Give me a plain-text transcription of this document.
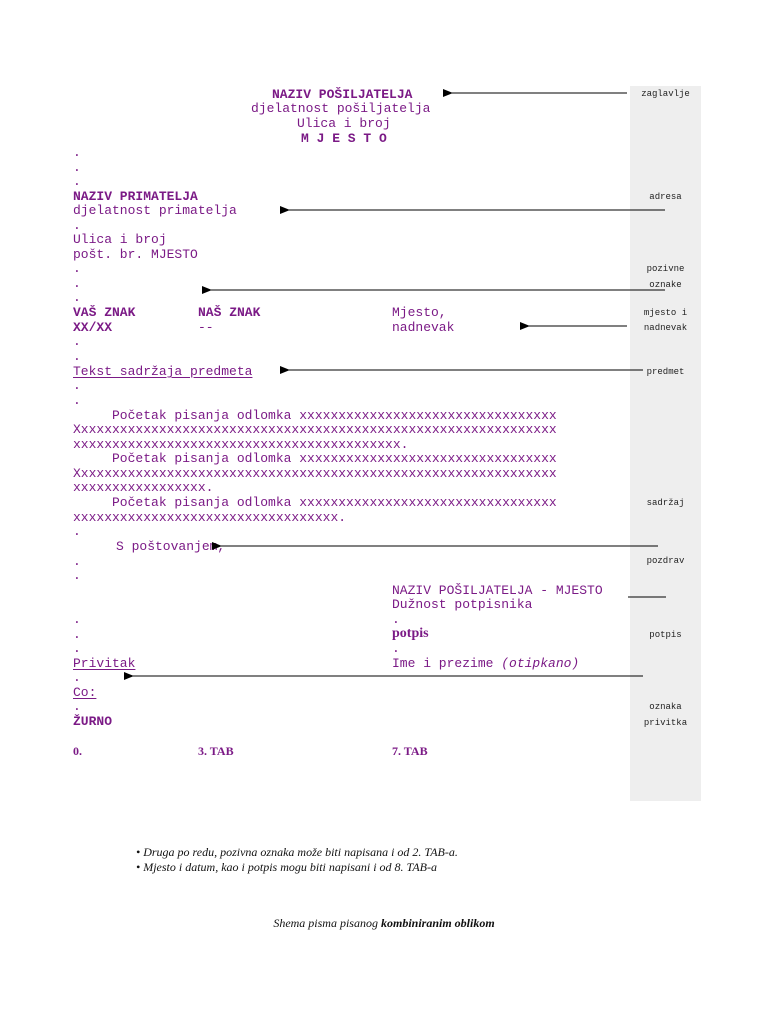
NAZIV POŠILJATELJA
djelatnost pošiljatelja
Ulica i broj
M J E S T O
.
.
.
NAZIV PRIMATELJA
djelatnost primatelja
.
Ulica i broj
pošt. br. MJESTO
.
.
.
VAŠ ZNAK	NAŠ ZNAK	Mjesto,
XX/XX	--	nadnevak
.
.
Tekst sadržaja predmeta
.
.
Početak pisanja odlomka xxxxxxxxxxxxxxxxxxxxxxxxxxxxxxxxx
Xxxxxxxxxxxxxxxxxxxxxxxxxxxxxxxxxxxxxxxxxxxxxxxxxxxxxxxxxxxxxx
xxxxxxxxxxxxxxxxxxxxxxxxxxxxxxxxxxxxxxxxxx.
Početak pisanja odlomka xxxxxxxxxxxxxxxxxxxxxxxxxxxxxxxxx
Xxxxxxxxxxxxxxxxxxxxxxxxxxxxxxxxxxxxxxxxxxxxxxxxxxxxxxxxxxxxxx
xxxxxxxxxxxxxxxxx.
Početak pisanja odlomka xxxxxxxxxxxxxxxxxxxxxxxxxxxxxxxxx
xxxxxxxxxxxxxxxxxxxxxxxxxxxxxxxxxx.
.
S poštovanjem,
.
.
NAZIV POŠILJATELJA - MJESTO
Dužnost potpisnika
.	.
.	potpis
.	.
Privitak	Ime i prezime (otipkano)
.
Co:
.
ŽURNO
0.	3. TAB	7. TAB
zaglavlje
adresa
pozivne
oznake
mjesto i
nadnevak
predmet
sadržaj
pozdrav
potpis
oznaka
privitka
• Druga po redu, pozivna oznaka može biti napisana i od 2. TAB-a.
• Mjesto i datum, kao i potpis mogu biti napisani i od 8. TAB-a
Shema pisma pisanog kombiniranim oblikom
